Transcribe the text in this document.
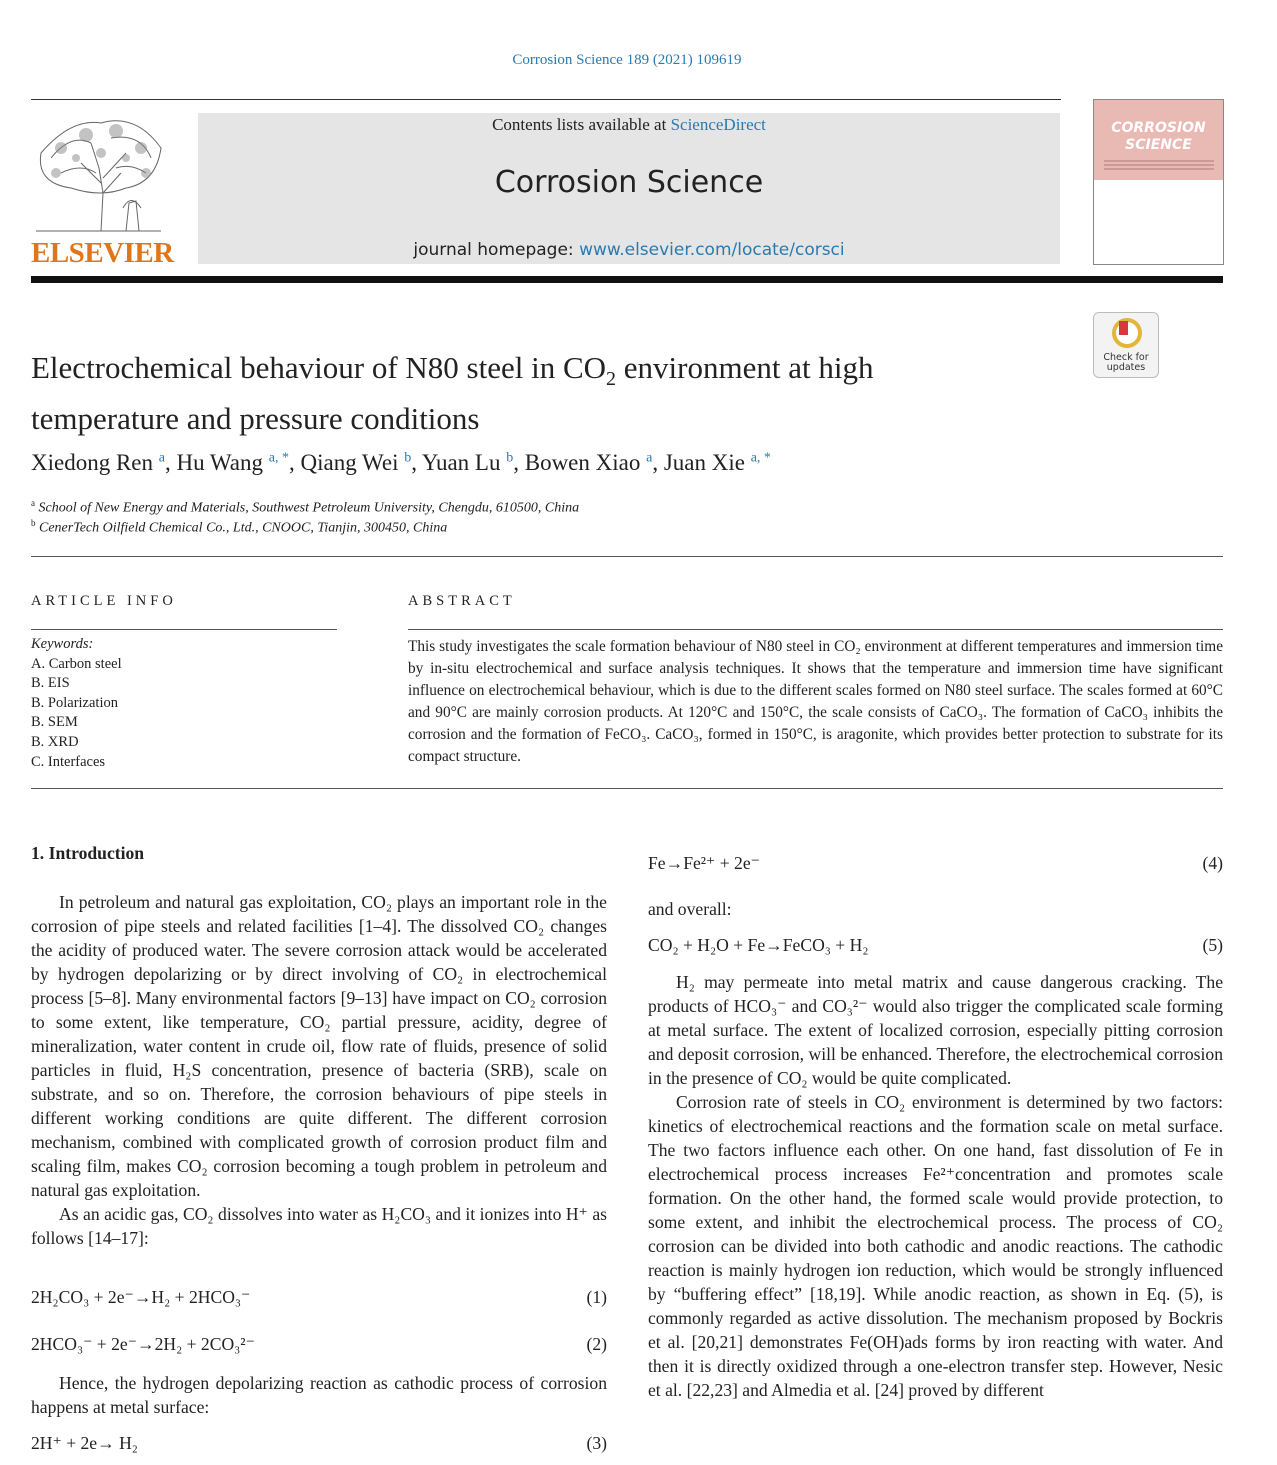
Corrosion Science 189 (2021) 109619
ELSEVIER
Contents lists available at ScienceDirect
Corrosion Science
journal homepage: www.elsevier.com/locate/corsci
CORROSION
SCIENCE
Check for
updates
Electrochemical behaviour of N80 steel in $CO_2$ environment at high
temperature and pressure conditions
Xiedong Ren $^a$, Hu Wang $^{a, *}$, Qiang Wei $^b$, Yuan Lu $^b$, Bowen Xiao $^a$, Juan Xie $^{a, *}$
$^a$ School of New Energy and Materials, Southwest Petroleum University, Chengdu, 610500, China
$^b$ CenerTech Oilfield Chemical Co., Ltd., CNOOC, Tianjin, 300450, China
ARTICLE INFO	ABSTRACT
Keywords:
A. Carbon steel
B. EIS
B. Polarization
B. SEM
B. XRD
C. Interfaces
This study investigates the scale formation behaviour of N80 steel in CO₂ environment at different temperatures and immersion time by in-situ electrochemical and surface analysis techniques. It shows that the temperature and immersion time have significant influence on electrochemical behaviour, which is due to the different scales formed on N80 steel surface. The scales formed at 60°C and 90°C are mainly corrosion products. At 120°C and 150°C, the scale consists of CaCO₃. The formation of CaCO₃ inhibits the corrosion and the formation of FeCO₃. CaCO₃, formed in 150°C, is aragonite, which provides better protection to substrate for its compact structure.
1. Introduction

In petroleum and natural gas exploitation, CO₂ plays an important role in the corrosion of pipe steels and related facilities [1–4]. The dissolved CO₂ changes the acidity of produced water. The severe corrosion attack would be accelerated by hydrogen depolarizing or by direct involving of CO₂ in electrochemical process [5–8]. Many environmental factors [9–13] have impact on CO₂ corrosion to some extent, like temperature, CO₂ partial pressure, acidity, degree of mineralization, water content in crude oil, flow rate of fluids, presence of solid particles in fluid, H₂S concentration, presence of bacteria (SRB), scale on substrate, and so on. Therefore, the corrosion behaviours of pipe steels in different working conditions are quite different. The different corrosion mechanism, combined with complicated growth of corrosion product film and scaling film, makes CO₂ corrosion becoming a tough problem in petroleum and natural gas exploitation.

As an acidic gas, CO₂ dissolves into water as H₂CO₃ and it ionizes into H⁺ as follows [14–17]:

2H₂CO₃ + 2e⁻→H₂ + 2HCO₃⁻	(1)
2HCO₃⁻ + 2e⁻→2H₂ + 2CO₃²⁻	(2)

Hence, the hydrogen depolarizing reaction as cathodic process of corrosion happens at metal surface:

2H⁺ + 2e→ H₂	(3)
Fe→Fe²⁺ + 2e⁻	(4)
and overall:
CO₂ + H₂O + Fe→FeCO₃ + H₂	(5)

H₂ may permeate into metal matrix and cause dangerous cracking. The products of HCO₃⁻ and CO₃²⁻ would also trigger the complicated scale forming at metal surface. The extent of localized corrosion, especially pitting corrosion and deposit corrosion, will be enhanced. Therefore, the electrochemical corrosion in the presence of CO₂ would be quite complicated.

Corrosion rate of steels in CO₂ environment is determined by two factors: kinetics of electrochemical reactions and the formation scale on metal surface. The two factors influence each other. On one hand, fast dissolution of Fe in electrochemical process increases Fe²⁺concentration and promotes scale formation. On the other hand, the formed scale would provide protection, to some extent, and inhibit the electrochemical process. The process of CO₂ corrosion can be divided into both cathodic and anodic reactions. The cathodic reaction is mainly hydrogen ion reduction, which would be strongly influenced by “buffering effect” [18,19]. While anodic reaction, as shown in Eq. (5), is commonly regarded as active dissolution. The mechanism proposed by Bockris et al. [20,21] demonstrates Fe(OH)ads forms by iron reacting with water. And then it is directly oxidized through a one-electron transfer step. However, Nesic et al. [22,23] and Almedia et al. [24] proved by different
